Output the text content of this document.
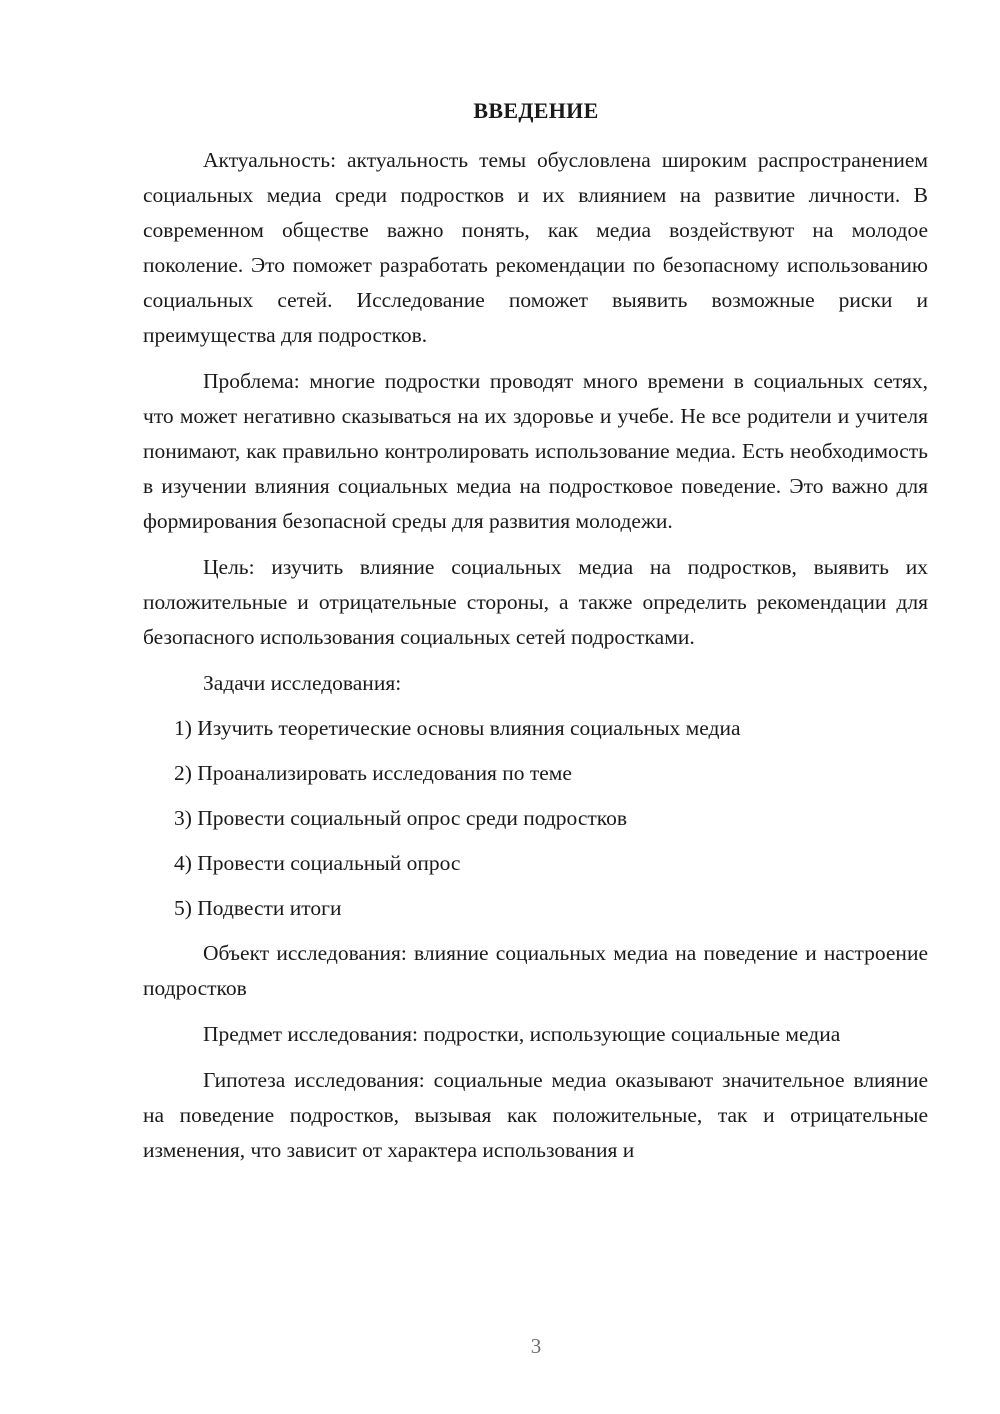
ВВЕДЕНИЕ

Актуальность: актуальность темы обусловлена широким распространением социальных медиа среди подростков и их влиянием на развитие личности. В современном обществе важно понять, как медиа воздействуют на молодое поколение. Это поможет разработать рекомендации по безопасному использованию социальных сетей. Исследование поможет выявить возможные риски и преимущества для подростков.

Проблема: многие подростки проводят много времени в социальных сетях, что может негативно сказываться на их здоровье и учебе. Не все родители и учителя понимают, как правильно контролировать использование медиа. Есть необходимость в изучении влияния социальных медиа на подростковое поведение. Это важно для формирования безопасной среды для развития молодежи.

Цель: изучить влияние социальных медиа на подростков, выявить их положительные и отрицательные стороны, а также определить рекомендации для безопасного использования социальных сетей подростками.

Задачи исследования:

1) Изучить теоретические основы влияния социальных медиа

2) Проанализировать исследования по теме

3) Провести социальный опрос среди подростков

4) Провести социальный опрос

5) Подвести итоги

Объект исследования: влияние социальных медиа на поведение и настроение подростков

Предмет исследования: подростки, использующие социальные медиа

Гипотеза исследования: социальные медиа оказывают значительное влияние на поведение подростков, вызывая как положительные, так и отрицательные изменения, что зависит от характера использования и

3
